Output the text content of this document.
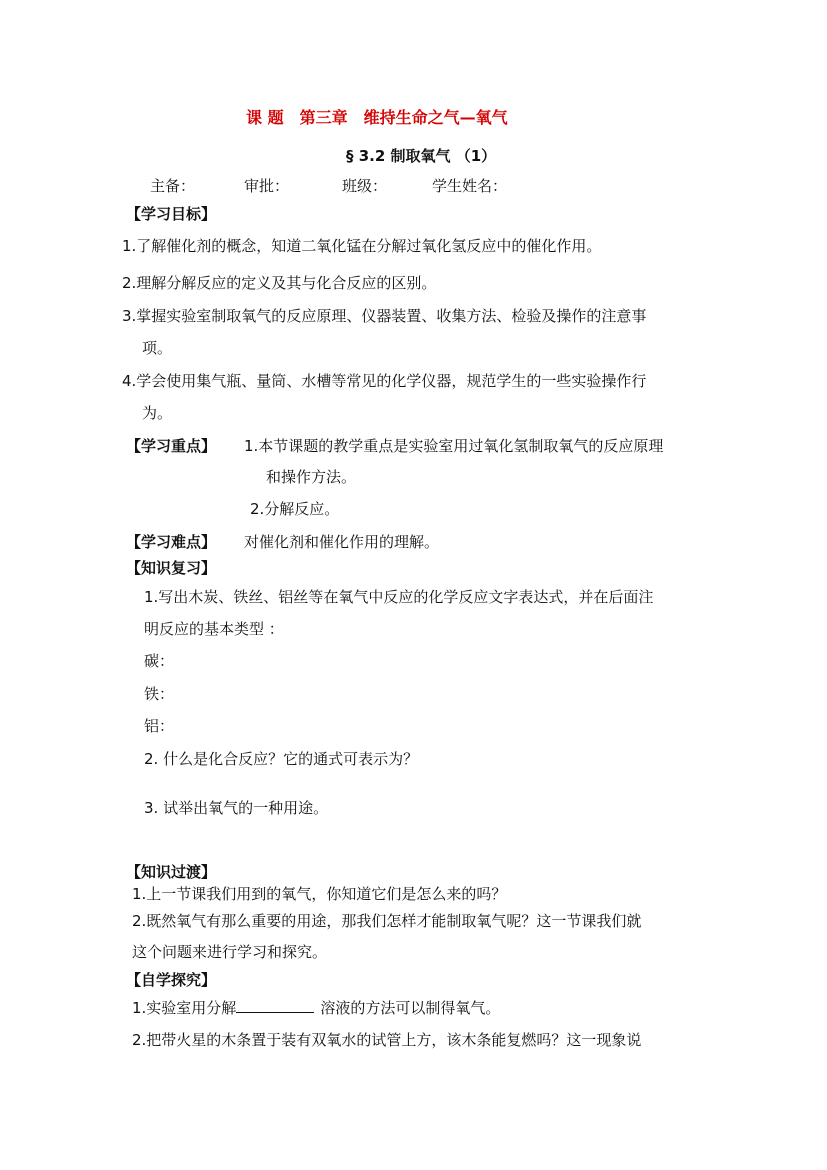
课 题　第三章　维持生命之气—氧气
§ 3.2 制取氧气 （1）
主备：	审批：	班级：	学生姓名：
【学习目标】
1.了解催化剂的概念，知道二氧化锰在分解过氧化氢反应中的催化作用。
2.理解分解反应的定义及其与化合反应的区别。
3.掌握实验室制取氧气的反应原理、仪器装置、收集方法、检验及操作的注意事
项。
4.学会使用集气瓶、量筒、水槽等常见的化学仪器，规范学生的一些实验操作行
为。
【学习重点】 1.本节课题的教学重点是实验室用过氧化氢制取氧气的反应原理
和操作方法。
2.分解反应。
【学习难点】 对催化剂和催化作用的理解。
【知识复习】
1.写出木炭、铁丝、铝丝等在氧气中反应的化学反应文字表达式，并在后面注
明反应的基本类型 ：
碳：
铁：
铝：
2. 什么是化合反应？它的通式可表示为？
3. 试举出氧气的一种用途。
【知识过渡】
1.上一节课我们用到的氧气，你知道它们是怎么来的吗？
2.既然氧气有那么重要的用途，那我们怎样才能制取氧气呢？这一节课我们就
这个问题来进行学习和探究。
【自学探究】
1.实验室用分解	溶液的方法可以制得氧气。
2.把带火星的木条置于装有双氧水的试管上方，该木条能复燃吗？这一现象说
